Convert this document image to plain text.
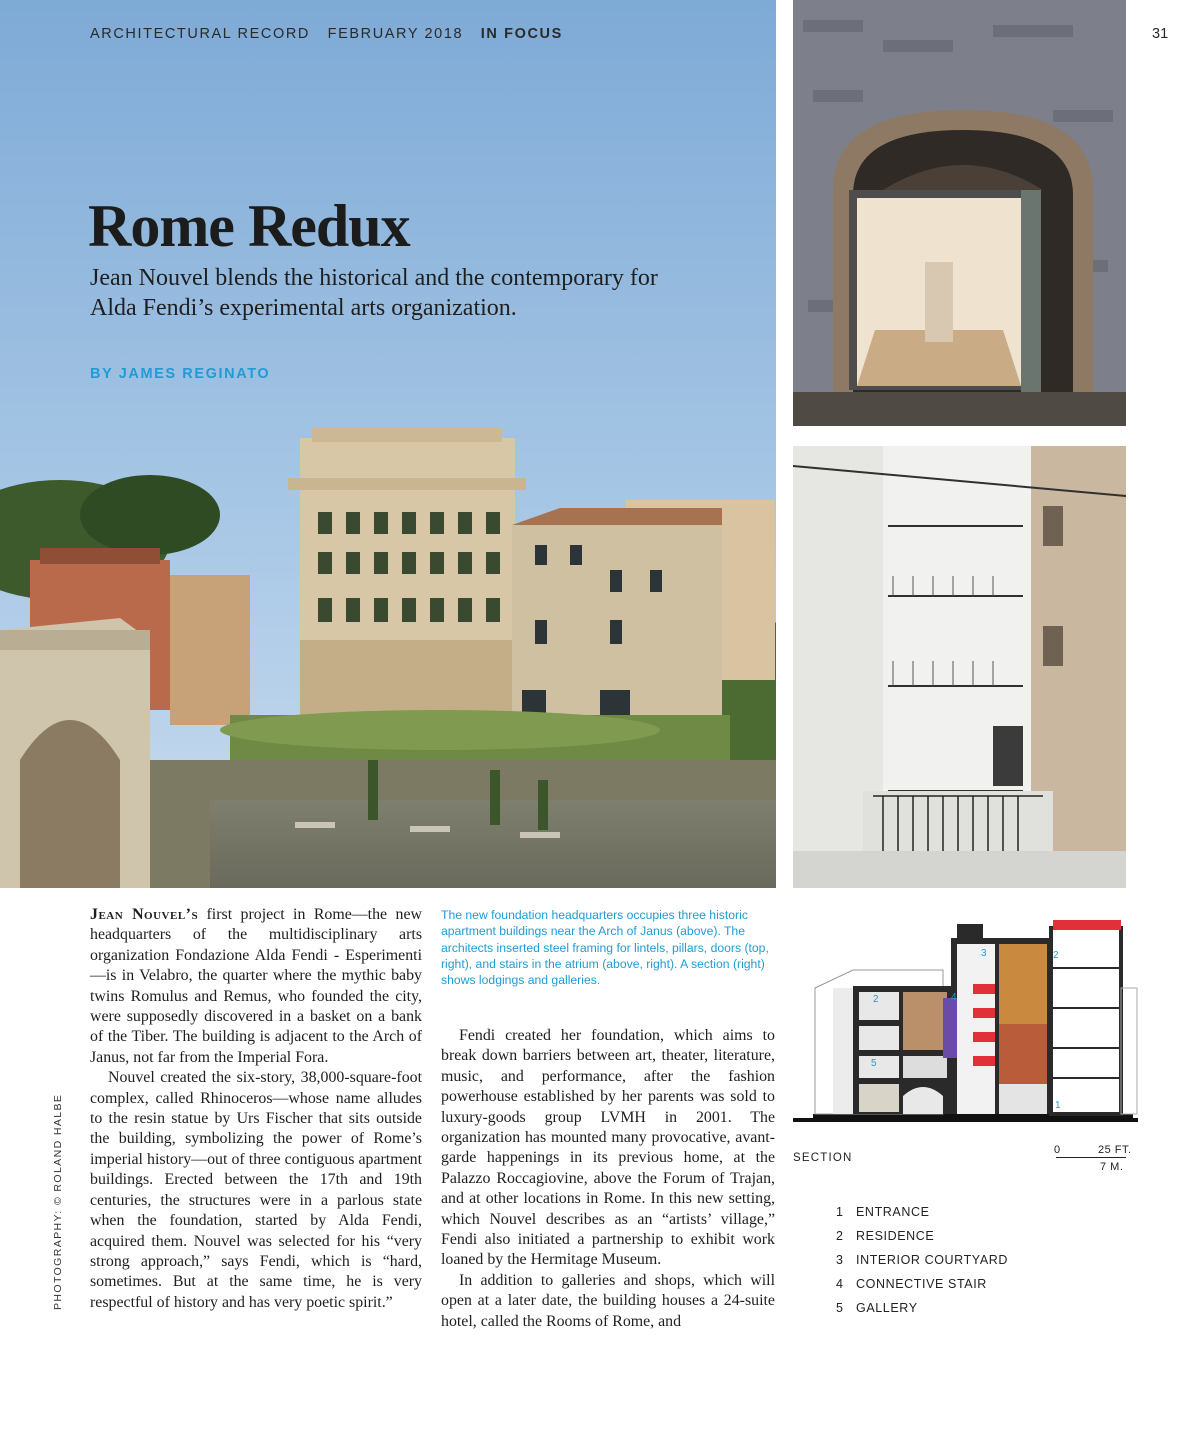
ARCHITECTURAL RECORD FEBRUARY 2018 IN FOCUS	31
Rome Redux
Jean Nouvel blends the historical and the contemporary for Alda Fendi’s experimental arts organization.
BY JAMES REGINATO

Jean Nouvel’s first project in Rome—the new headquarters of the multidisciplinary arts organization Fondazione Alda Fendi - Esperimenti—is in Velabro, the quarter where the mythic baby twins Romulus and Remus, who founded the city, were supposedly discovered in a basket on a bank of the Tiber. The building is adjacent to the Arch of Janus, not far from the Imperial Fora.

Nouvel created the six-story, 38,000-square-foot complex, called Rhinoceros—whose name alludes to the resin statue by Urs Fischer that sits outside the building, symbolizing the power of Rome’s imperial history—out of three contiguous apartment buildings. Erected between the 17th and 19th centuries, the structures were in a parlous state when the foundation, started by Alda Fendi, acquired them. Nouvel was selected for his “very strong approach,” says Fendi, which is “hard, sometimes. But at the same time, he is very respectful of history and has very poetic spirit.”

The new foundation headquarters occupies three historic apartment buildings near the Arch of Janus (above). The architects inserted steel framing for lintels, pillars, doors (top, right), and stairs in the atrium (above, right). A section (right) shows lodgings and galleries.

Fendi created her foundation, which aims to break down barriers between art, theater, literature, music, and performance, after the fashion powerhouse established by her parents was sold to luxury-goods group LVMH in 2001. The organization has mounted many provocative, avant-garde happenings in its previous home, at the Palazzo Roccagiovine, above the Forum of Trajan, and at other locations in Rome. In this new setting, which Nouvel describes as an “artists’ village,” Fendi also initiated a partnership to exhibit work loaned by the Hermitage Museum.

In addition to galleries and shops, which will open at a later date, the building houses a 24-suite hotel, called the Rooms of Rome, and

PHOTOGRAPHY: © ROLAND HALBE
3	2
2	4
5
1
SECTION
0	25 FT.
7 M.
1 ENTRANCE
2 RESIDENCE
3 INTERIOR COURTYARD
4 CONNECTIVE STAIR
5 GALLERY
